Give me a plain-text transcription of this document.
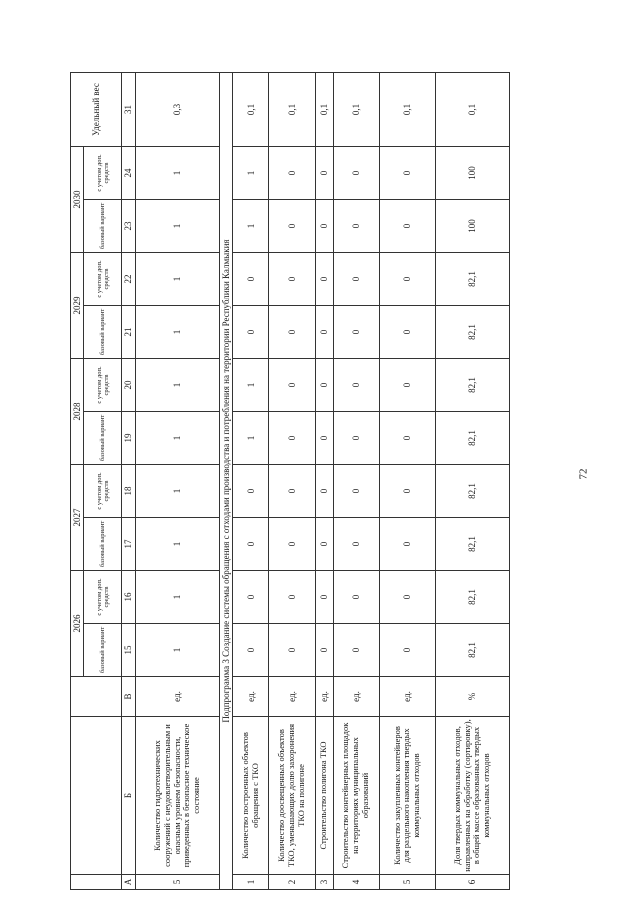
			2026		2027		2028		2029		2030		Удельный вес
			базовый вариант	с учетом доп. средств	базовый вариант	с учетом доп. средств	базовый вариант	с учетом доп. средств	базовый вариант	с учетом доп. средств	базовый вариант	с учетом доп. средств	
А	Б	В	15	16	17	18	19	20	21	22	23	24	31
5	Количество гидротехнических сооружений с неудовлетворительным и опасным уровнем безопасности, приведенных в безопасное техническое состояние	ед.	1	1	1	1	1	1	1	1	1	1	0,3
Подпрограмма 3 Создание системы обращения с отходами производства и потребления на территории Республики Калмыкия													
1	Количество построенных объектов обращения с ТКО	ед.	0	0	0	0	1	1	0	0	1	1	0,1
2	Количество доосвещенных объектов ТКО, уменьшающих долю захоронения ТКО на полигоне	ед.	0	0	0	0	0	0	0	0	0	0	0,1
3	Строительство полигона ТКО	ед.	0	0	0	0	0	0	0	0	0	0	0,1
4	Строительство контейнерных площадок на территориях муниципальных образований	ед.	0	0	0	0	0	0	0	0	0	0	0,1
5	Количество закупленных контейнеров для раздельного накопления твердых коммунальных отходов	ед.	0	0	0	0	0	0	0	0	0	0	0,1
6	Доля твердых коммунальных отходов, направленных на обработку (сортировку), в общей массе образованных твердых коммунальных отходов	%	82,1	82,1	82,1	82,1	82,1	82,1	82,1	82,1	100	100	0,1
72
